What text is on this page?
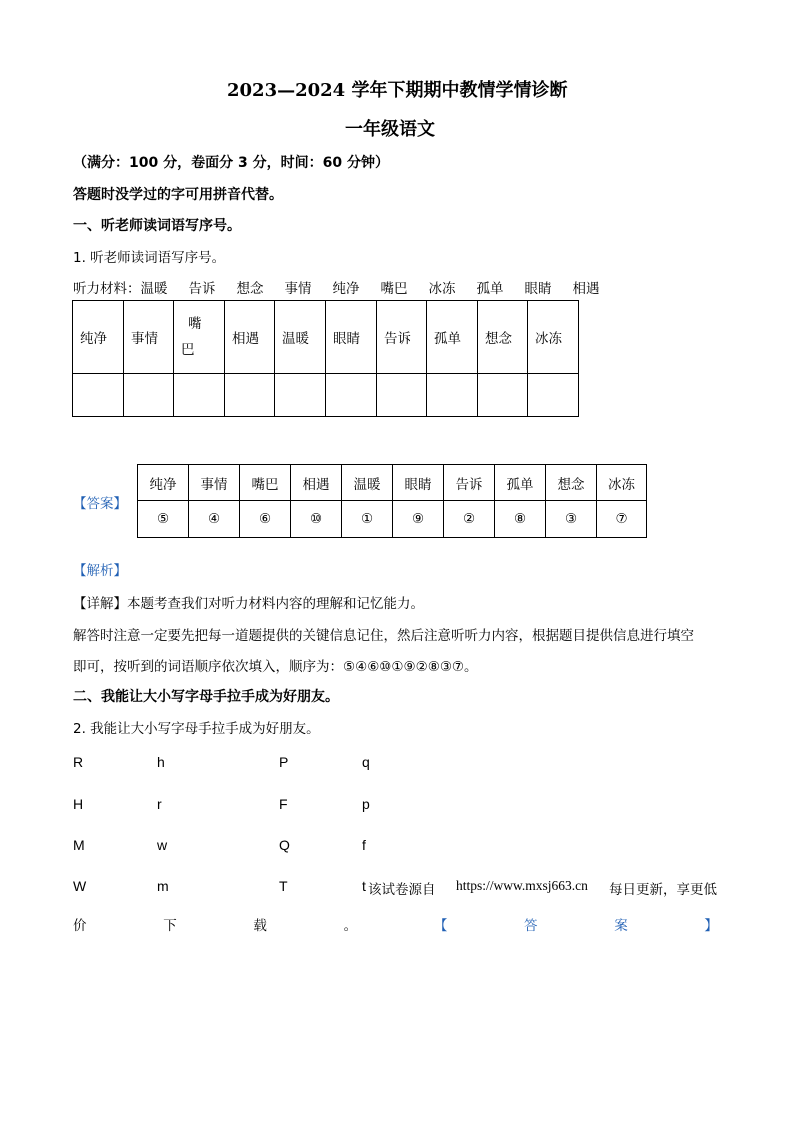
2023—2024 学年下期期中教情学情诊断
一年级语文
（满分：100 分，卷面分 3 分，时间：60 分钟）
答题时没学过的字可用拼音代替。
一、听老师读词语写序号。
1. 听老师读词语写序号。
听力材料：温暖 告诉 想念 事情 纯净 嘴巴 冰冻 孤单 眼睛 相遇
纯净	事情	嘴
巴	相遇	温暖	眼睛	告诉	孤单	想念	冰冻

【答案】
纯净	事情	嘴巴	相遇	温暖	眼睛	告诉	孤单	想念	冰冻
⑤	④	⑥	⑩	①	⑨	②	⑧	③	⑦
【解析】
【详解】本题考查我们对听力材料内容的理解和记忆能力。
解答时注意一定要先把每一道题提供的关键信息记住，然后注意听听力内容，根据题目提供信息进行填空
即可，按听到的词语顺序依次填入，顺序为：⑤④⑥⑩①⑨②⑧③⑦。
二、我能让大小写字母手拉手成为好朋友。
2. 我能让大小写字母手拉手成为好朋友。
R	h	P	q
H	r	F	p
M	w	Q	f
W	m	T	t 该试卷源自 https://www.mxsj663.cn 每日更新，享更低
价	下	载	。	【	答	案	】
